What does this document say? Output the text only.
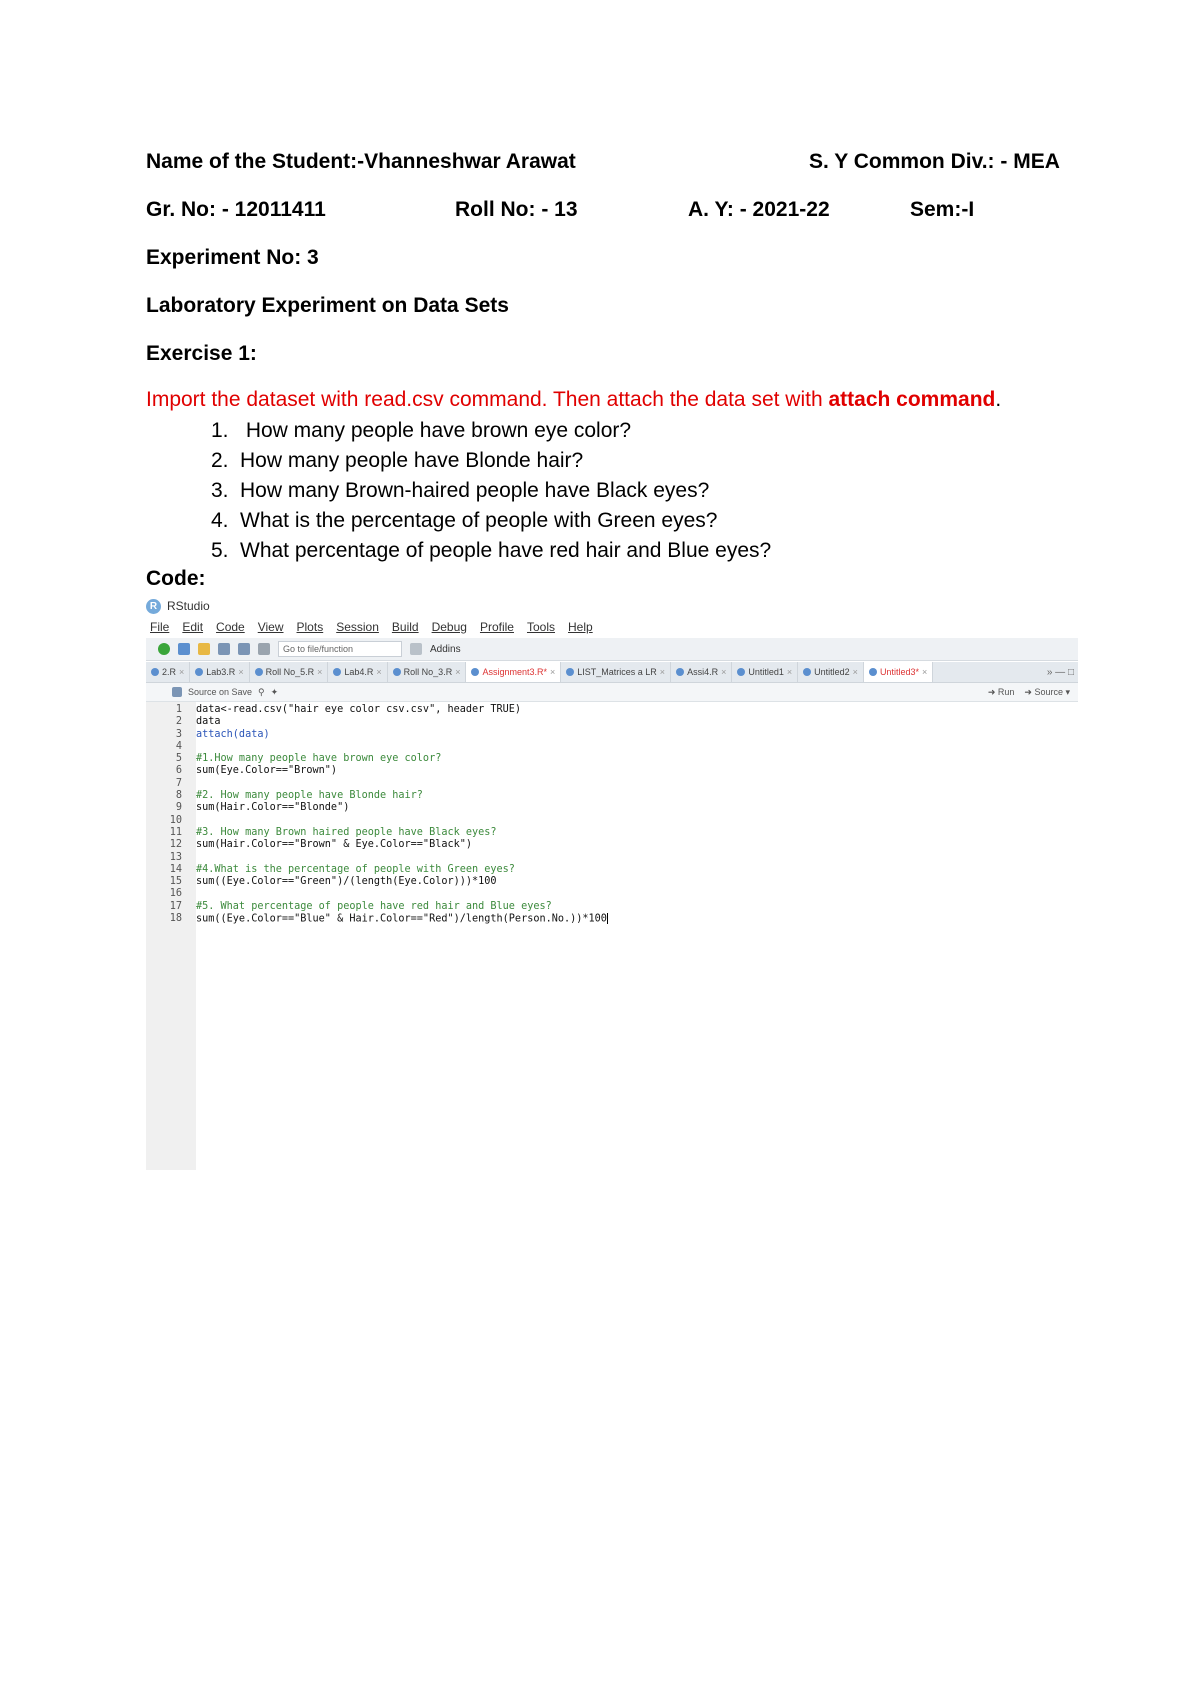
Name of the Student:-Vhanneshwar Arawat	S. Y Common Div.: - MEA
Gr. No: - 12011411	Roll No: - 13	A. Y: - 2021-22	Sem:-I
Experiment No: 3
Laboratory Experiment on Data Sets
Exercise 1:
Import the dataset with read.csv command. Then attach the data set with attach command.
1. How many people have brown eye color?
2. How many people have Blonde hair?
3. How many Brown-haired people have Black eyes?
4. What is the percentage of people with Green eyes?
5. What percentage of people have red hair and Blue eyes?
Code:
R RStudio
File Edit Code View Plots Session Build Debug Profile Tools Help
Go to file/function	Addins
2.R × Lab3.R × Roll No_5.R × Lab4.R × Roll No_3.R × Assignment3.R* × LIST_Matrices a LR × Assi4.R × Untitled1 × Untitled2 × Untitled3* ×	» — □
Source on Save ⚲ ✦	➜ Run ➜ Source ▾
1	data<-read.csv("hair eye color csv.csv", header TRUE)
2	data
3	attach(data)
4
5	#1.How many people have brown eye color?
6	sum(Eye.Color=="Brown")
7
8	#2. How many people have Blonde hair?
9	sum(Hair.Color=="Blonde")
10
11	#3. How many Brown haired people have Black eyes?
12	sum(Hair.Color=="Brown" & Eye.Color=="Black")
13
14	#4.What is the percentage of people with Green eyes?
15	sum((Eye.Color=="Green")/(length(Eye.Color)))*100
16
17	#5. What percentage of people have red hair and Blue eyes?
18	sum((Eye.Color=="Blue" & Hair.Color=="Red")/length(Person.No.))*100
